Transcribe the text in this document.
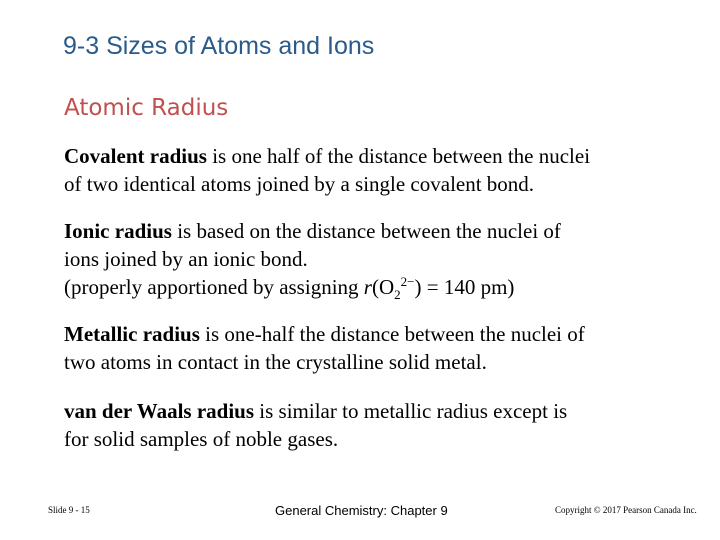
9-3 Sizes of Atoms and Ions
Atomic Radius

Covalent radius is one half of the distance between the nuclei
of two identical atoms joined by a single covalent bond.

Ionic radius is based on the distance between the nuclei of
ions joined by an ionic bond.
(properly apportioned by assigning $r(O_2^{2-}) = 140$ pm)

Metallic radius is one-half the distance between the nuclei of
two atoms in contact in the crystalline solid metal.

van der Waals radius is similar to metallic radius except is
for solid samples of noble gases.

Slide 9 - 15	General Chemistry: Chapter 9	Copyright © 2017 Pearson Canada Inc.
